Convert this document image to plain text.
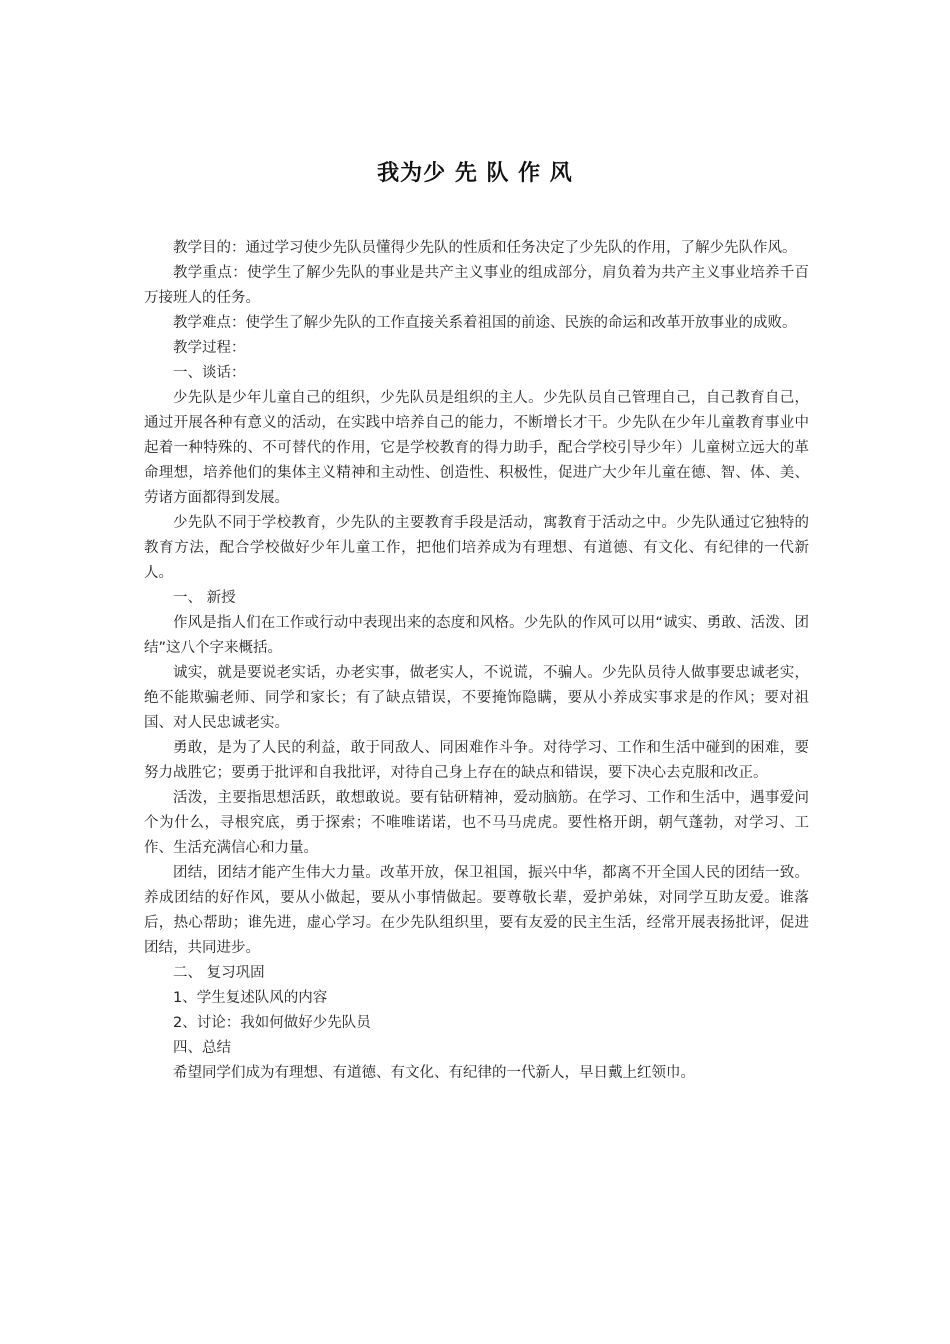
我为少 先 队 作 风

教学目的：通过学习使少先队员懂得少先队的性质和任务决定了少先队的作用，了解少先队作风。

教学重点：使学生了解少先队的事业是共产主义事业的组成部分，肩负着为共产主义事业培养千百万接班人的任务。

教学难点：使学生了解少先队的工作直接关系着祖国的前途、民族的命运和改革开放事业的成败。

教学过程：

一、谈话：

少先队是少年儿童自己的组织，少先队员是组织的主人。少先队员自己管理自己，自己教育自己，通过开展各种有意义的活动，在实践中培养自己的能力，不断增长才干。少先队在少年儿童教育事业中起着一种特殊的、不可替代的作用，它是学校教育的得力助手，配合学校引导少年）儿童树立远大的革命理想，培养他们的集体主义精神和主动性、创造性、积极性，促进广大少年儿童在德、智、体、美、劳诸方面都得到发展。

少先队不同于学校教育，少先队的主要教育手段是活动，寓教育于活动之中。少先队通过它独特的教育方法，配合学校做好少年儿童工作，把他们培养成为有理想、有道德、有文化、有纪律的一代新人。

一、 新授

作风是指人们在工作或行动中表现出来的态度和风格。少先队的作风可以用“诚实、勇敢、活泼、团结”这八个字来概括。

诚实，就是要说老实话，办老实事，做老实人，不说谎，不骗人。少先队员待人做事要忠诚老实，绝不能欺骗老师、同学和家长；有了缺点错误，不要掩饰隐瞒，要从小养成实事求是的作风；要对祖国、对人民忠诚老实。

勇敢，是为了人民的利益，敢于同敌人、同困难作斗争。对待学习、工作和生活中碰到的困难，要努力战胜它；要勇于批评和自我批评，对待自己身上存在的缺点和错误，要下决心去克服和改正。

活泼，主要指思想活跃，敢想敢说。要有钻研精神，爱动脑筋。在学习、工作和生活中，遇事爱问个为什么，寻根究底，勇于探索；不唯唯诺诺，也不马马虎虎。要性格开朗，朝气蓬勃，对学习、工作、生活充满信心和力量。

团结，团结才能产生伟大力量。改革开放，保卫祖国，振兴中华，都离不开全国人民的团结一致。养成团结的好作风，要从小做起，要从小事情做起。要尊敬长辈，爱护弟妹，对同学互助友爱。谁落后，热心帮助；谁先进，虚心学习。在少先队组织里，要有友爱的民主生活，经常开展表扬批评，促进团结，共同进步。

二、 复习巩固

1、学生复述队风的内容

2、讨论：我如何做好少先队员

四、总结

希望同学们成为有理想、有道德、有文化、有纪律的一代新人，早日戴上红领巾。
